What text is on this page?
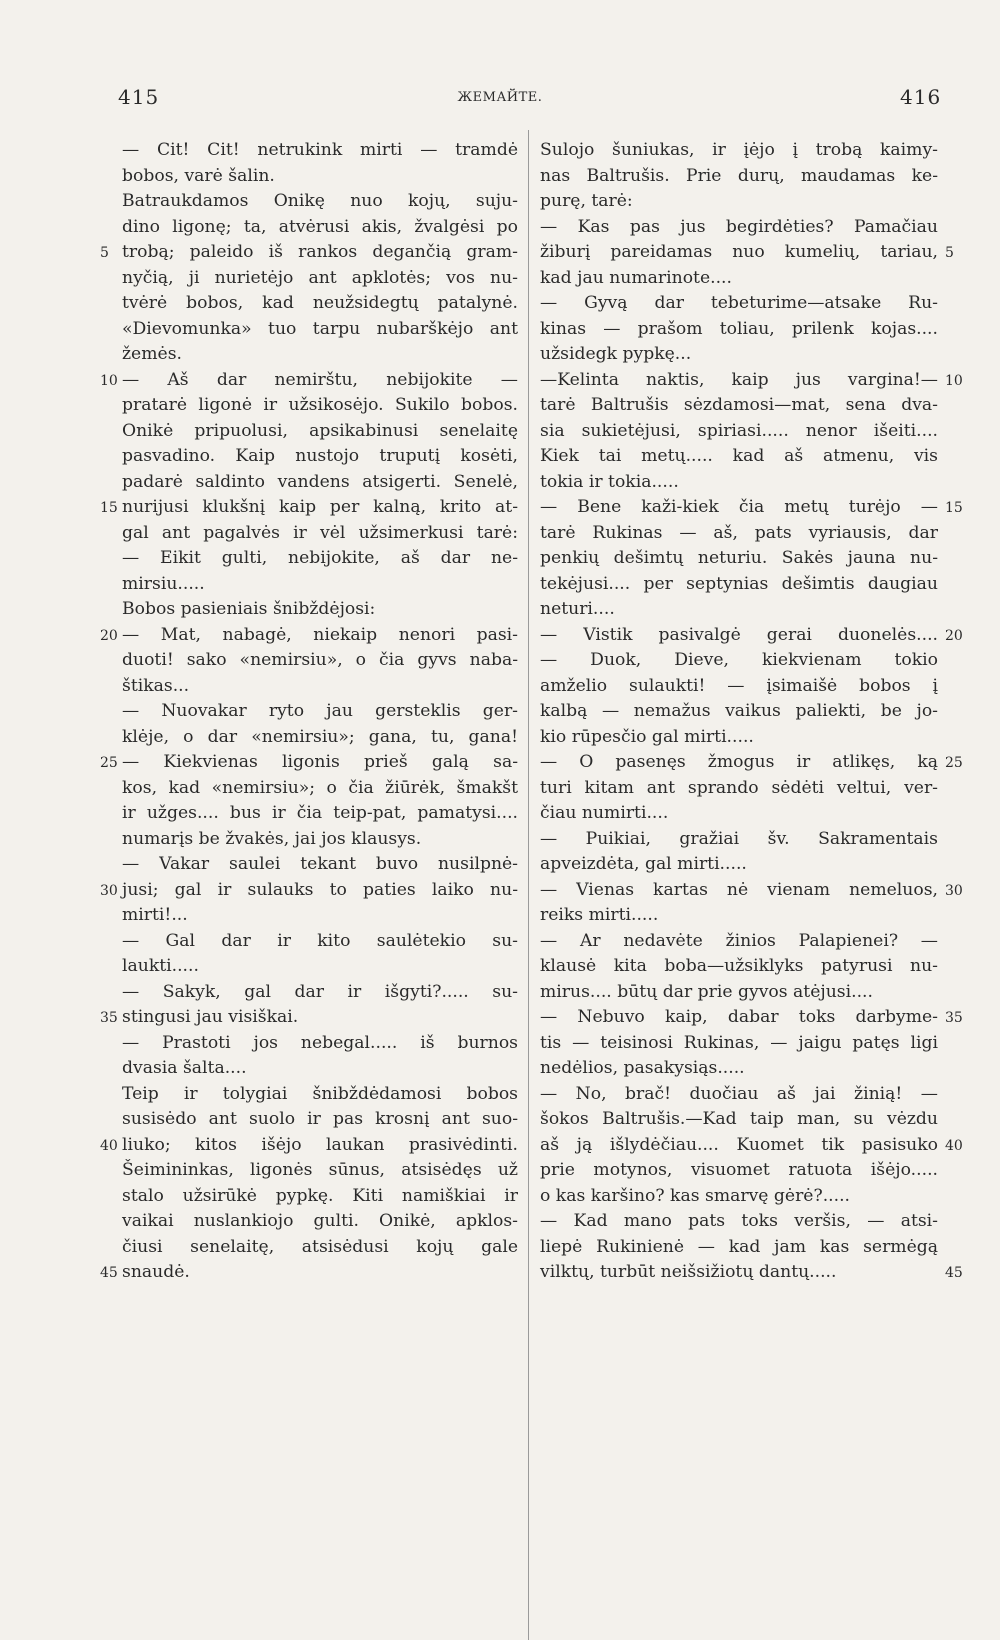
415	ЖЕМАЙТЕ.	416
— Cit! Cit! netrukink mirti — tramdė
bobos, varė šalin.
Batraukdamos Onikę nuo kojų, suju-
dino ligonę; ta, atvėrusi akis, žvalgėsi po
trobą; paleido iš rankos degančią gram-
nyčią, ji nurietėjo ant apklotės; vos nu-
tvėrė bobos, kad neužsidegtų patalynė.
«Dievomunka» tuo tarpu nubarškėjo ant
žemės.
— Aš dar nemirštu, nebijokite —
pratarė ligonė ir užsikosėjo. Sukilo bobos.
Onikė pripuolusi, apsikabinusi senelaitę
pasvadino. Kaip nustojo truputį kosėti,
padarė saldinto vandens atsigerti. Senelė,
nurijusi klukšnį kaip per kalną, krito at-
gal ant pagalvės ir vėl užsimerkusi tarė:
— Eikit gulti, nebijokite, aš dar ne-
mirsiu.....
Bobos pasieniais šnibždėjosi:
— Mat, nabagė, niekaip nenori pasi-
duoti! sako «nemirsiu», o čia gyvs naba-
štikas...
— Nuovakar ryto jau gersteklis ger-
klėje, o dar «nemirsiu»; gana, tu, gana!
— Kiekvienas ligonis prieš galą sa-
kos, kad «nemirsiu»; o čia žiūrėk, šmakšt
ir užges.... bus ir čia teip-pat, pamatysi....
numarįs be žvakės, jai jos klausys.
— Vakar saulei tekant buvo nusilpnė-
jusi; gal ir sulauks to paties laiko nu-
mirti!...
— Gal dar ir kito saulėtekio su-
laukti.....
— Sakyk, gal dar ir išgyti?..... su-
stingusi jau visiškai.
— Prastoti jos nebegal..... iš burnos
dvasia šalta....
Teip ir tolygiai šnibždėdamosi bobos
susisėdo ant suolo ir pas krosnį ant suo-
liuko; kitos išėjo laukan prasivėdinti.
Šeimininkas, ligonės sūnus, atsisėdęs už
stalo užsirūkė pypkę. Kiti namiškiai ir
vaikai nuslankiojo gulti. Onikė, apklos-
čiusi senelaitę, atsisėdusi kojų gale
snaudė.
Sulojo šuniukas, ir įėjo į trobą kaimy-
nas Baltrušis. Prie durų, maudamas ke-
purę, tarė:
— Kas pas jus begirdėties? Pamačiau
žiburį pareidamas nuo kumelių, tariau,
kad jau numarinote....
— Gyvą dar tebeturime—atsake Ru-
kinas — prašom toliau, prilenk kojas....
užsidegk pypkę...
—Kelinta naktis, kaip jus vargina!—
tarė Baltrušis sėzdamosi—mat, sena dva-
sia sukietėjusi, spiriasi..... nenor išeiti....
Kiek tai metų..... kad aš atmenu, vis
tokia ir tokia.....
— Bene kaži-kiek čia metų turėjo —
tarė Rukinas — aš, pats vyriausis, dar
penkių dešimtų neturiu. Sakės jauna nu-
tekėjusi.... per septynias dešimtis daugiau
neturi....
— Vistik pasivalgė gerai duonelės....
— Duok, Dieve, kiekvienam tokio
amželio sulaukti! — įsimaišė bobos į
kalbą — nemažus vaikus paliekti, be jo-
kio rūpesčio gal mirti.....
— O pasenęs žmogus ir atlikęs, ką
turi kitam ant sprando sėdėti veltui, ver-
čiau numirti....
— Puikiai, gražiai šv. Sakramentais
apveizdėta, gal mirti.....
— Vienas kartas nė vienam nemeluos,
reiks mirti.....
— Ar nedavėte žinios Palapienei? —
klausė kita boba—užsiklyks patyrusi nu-
mirus.... būtų dar prie gyvos atėjusi....
— Nebuvo kaip, dabar toks darbyme-
tis — teisinosi Rukinas, — jaigu patęs ligi
nedėlios, pasakysiąs.....
— No, brač! duočiau aš jai žinią! —
šokos Baltrušis.—Kad taip man, su vėzdu
aš ją išlydėčiau.... Kuomet tik pasisuko
prie motynos, visuomet ratuota išėjo.....
o kas karšino? kas smarvę gėrė?.....
— Kad mano pats toks veršis, — atsi-
liepė Rukinienė — kad jam kas sermėgą
vilktų, turbūt neišsižiotų dantų.....
5	5
10	10
15	15
20	20
25	25
30	30
35	35
40	40
45	45
